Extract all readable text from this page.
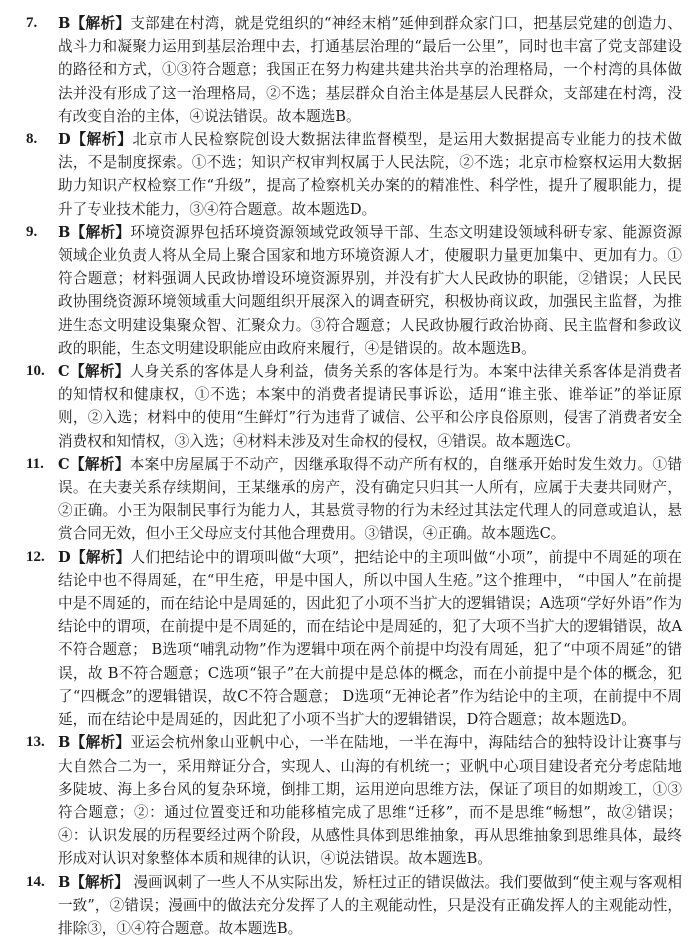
7.	B【解析】支部建在村湾，就是党组织的“神经末梢”延伸到群众家门口，把基层党建的创造力、战斗力和凝聚力运用到基层治理中去，打通基层治理的“最后一公里”，同时也丰富了党支部建设的路径和方式，①③符合题意；我国正在努力构建共建共治共享的治理格局，一个村湾的具体做法并没有形成了这一治理格局，②不选；基层群众自治主体是基层人民群众，支部建在村湾，没有改变自治的主体，④说法错误。故本题选B。
8.	D【解析】北京市人民检察院创设大数据法律监督模型，是运用大数据提高专业能力的技术做法，不是制度探索。①不选；知识产权审判权属于人民法院，②不选；北京市检察权运用大数据助力知识产权检察工作“升级”，提高了检察机关办案的的精准性、科学性，提升了履职能力，提升了专业技术能力，③④符合题意。故本题选D。
9.	B【解析】环境资源界包括环境资源领域党政领导干部、生态文明建设领域科研专家、能源资源领域企业负责人将从全局上聚合国家和地方环境资源人才，使履职力量更加集中、更加有力。①符合题意；材料强调人民政协增设环境资源界别，并没有扩大人民政协的职能，②错误；人民民政协围绕资源环境领域重大问题组织开展深入的调查研究，积极协商议政，加强民主监督，为推进生态文明建设集聚众智、汇聚众力。③符合题意；人民政协履行政治协商、民主监督和参政议政的职能，生态文明建设职能应由政府来履行，④是错误的。故本题选B。
10. C【解析】人身关系的客体是人身利益，债务关系的客体是行为。本案中法律关系客体是消费者的知情权和健康权，①不选；本案中的消费者提请民事诉讼，适用“谁主张、谁举证”的举证原则，②入选；材料中的使用“生鲜灯”行为违背了诚信、公平和公序良俗原则，侵害了消费者安全消费权和知情权，③入选；④材料未涉及对生命权的侵权，④错误。故本题选C。
11. C【解析】本案中房屋属于不动产，因继承取得不动产所有权的，自继承开始时发生效力。①错误。在夫妻关系存续期间，王某继承的房产，没有确定只归其一人所有，应属于夫妻共同财产，②正确。小王为限制民事行为能力人，其悬赏寻物的行为未经过其法定代理人的同意或追认，悬赏合同无效，但小王父母应支付其他合理费用。③错误，④正确。故本题选C。
12. D【解析】人们把结论中的谓项叫做“大项”，把结论中的主项叫做“小项”，前提中不周延的项在结论中也不得周延，在“甲生疮，甲是中国人，所以中国人生疮。”这个推理中， “中国人”在前提中是不周延的，而在结论中是周延的，因此犯了小项不当扩大的逻辑错误；A选项“学好外语”作为结论中的谓项，在前提中是不周延的，而在结论中是周延的，犯了大项不当扩大的逻辑错误，故A不符合题意； B选项“哺乳动物”作为逻辑中项在两个前提中均没有周延，犯了“中项不周延”的错误，故 B不符合题意；C选项“银子”在大前提中是总体的概念，而在小前提中是个体的概念，犯了“四概念”的逻辑错误，故C不符合题意； D选项“无神论者”作为结论中的主项，在前提中不周延，而在结论中是周延的，因此犯了小项不当扩大的逻辑错误，D符合题意；故本题选D。
13. B【解析】亚运会杭州象山亚帆中心，一半在陆地，一半在海中，海陆结合的独特设计让赛事与大自然合二为一，采用辩证分合，实现人、山海的有机统一；亚帆中心项目建设者充分考虑陆地多陡坡、海上多台风的复杂环境，倒排工期，运用逆向思维方法，保证了项目的如期竣工，①③符合题意；②：通过位置变迁和功能移植完成了思维“迁移”，而不是思维“畅想”，故②错误；④：认识发展的历程要经过两个阶段，从感性具体到思维抽象，再从思维抽象到思维具体，最终形成对认识对象整体本质和规律的认识，④说法错误。故本题选B。
14. B【解析】 漫画讽刺了一些人不从实际出发，矫枉过正的错误做法。我们要做到“使主观与客观相一致”，②错误；漫画中的做法充分发挥了人的主观能动性，只是没有正确发挥人的主观能动性，排除③，①④符合题意。故本题选B。
